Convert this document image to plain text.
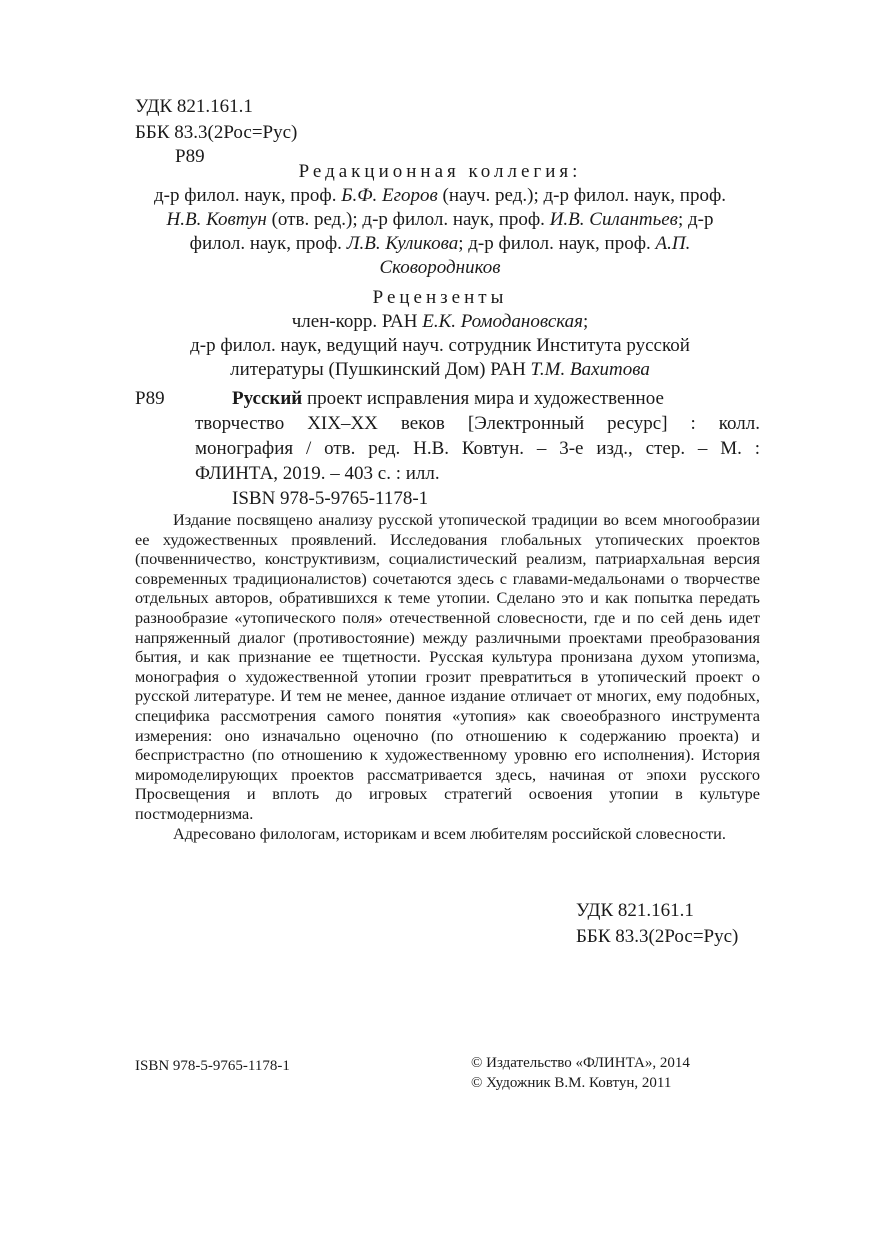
УДК 821.161.1
ББК 83.3(2Рос=Рус)
Р89
Редакционная коллегия:
д-р филол. наук, проф. Б.Ф. Егоров (науч. ред.); д-р филол. наук, проф. Н.В. Ковтун (отв. ред.); д-р филол. наук, проф. И.В. Силантьев; д-р филол. наук, проф. Л.В. Куликова; д-р филол. наук, проф. А.П. Сковородников
Рецензенты
член-корр. РАН Е.К. Ромодановская;
д-р филол. наук, ведущий науч. сотрудник Института русской литературы (Пушкинский Дом) РАН Т.М. Вахитова
Р89	Русский проект исправления мира и художественное
творчество XIX–XX веков [Электронный ресурс] : колл.
монография / отв. ред. Н.В. Ковтун. – 3-е изд., стер. – М. :
ФЛИНТА, 2019. – 403 с. : илл.
ISBN 978-5-9765-1178-1

Издание посвящено анализу русской утопической традиции во всем многообразии ее художественных проявлений. Исследования глобальных утопических проектов (почвенничество, конструктивизм, социалистический реализм, патриархальная версия современных традиционалистов) сочетаются здесь с главами-медальонами о творчестве отдельных авторов, обратившихся к теме утопии. Сделано это и как попытка передать разнообразие «утопического поля» отечественной словесности, где и по сей день идет напряженный диалог (противостояние) между различными проектами преобразования бытия, и как признание ее тщетности. Русская культура пронизана духом утопизма, монография о художественной утопии грозит превратиться в утопический проект о русской литературе. И тем не менее, данное издание отличает от многих, ему подобных, специфика рассмотрения самого понятия «утопия» как своеобразного инструмента измерения: оно изначально оценочно (по отношению к содержанию проекта) и беспристрастно (по отношению к художественному уровню его исполнения). История миромоделирующих проектов рассматривается здесь, начиная от эпохи русского Просвещения и вплоть до игровых стратегий освоения утопии в культуре постмодернизма.

Адресовано филологам, историкам и всем любителям российской словесности.

УДК 821.161.1
ББК 83.3(2Рос=Рус)
ISBN 978-5-9765-1178-1	© Издательство «ФЛИНТА», 2014
© Художник В.М. Ковтун, 2011
